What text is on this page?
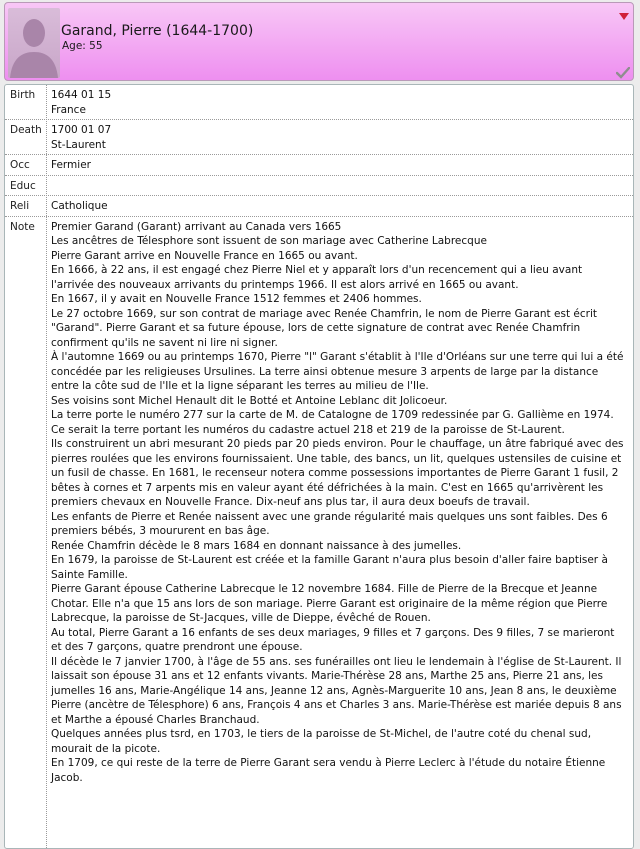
Garand, Pierre (1644-1700)
Age: 55
Birth	1644 01 15
France
Death 1700 01 07
St-Laurent
Occ	Fermier
Educ
Reli	Catholique
Note	Premier Garand (Garant) arrivant au Canada vers 1665
Les ancêtres de Télesphore sont issuent de son mariage avec Catherine Labrecque
Pierre Garant arrive en Nouvelle France en 1665 ou avant.
En 1666, à 22 ans, il est engagé chez Pierre Niel et y apparaît lors d'un recencement qui a lieu avant l'arrivée des nouveaux arrivants du printemps 1966. Il est alors arrivé en 1665 ou avant.
En 1667, il y avait en Nouvelle France 1512 femmes et 2406 hommes.
Le 27 octobre 1669, sur son contrat de mariage avec Renée Chamfrin, le nom de Pierre Garant est écrit "Garand". Pierre Garant et sa future épouse, lors de cette signature de contrat avec Renée Chamfrin confirment qu'ils ne savent ni lire ni signer.
À l'automne 1669 ou au printemps 1670, Pierre "l" Garant s'établit à l'Ile d'Orléans sur une terre qui lui a été concédée par les religieuses Ursulines. La terre ainsi obtenue mesure 3 arpents de large par la distance entre la côte sud de l'Ile et la ligne séparant les terres au milieu de l'Ile.
Ses voisins sont Michel Henault dit le Botté et Antoine Leblanc dit Jolicoeur.
La terre porte le numéro 277 sur la carte de M. de Catalogne de 1709 redessinée par G. Gallième en 1974.
Ce serait la terre portant les numéros du cadastre actuel 218 et 219 de la paroisse de St-Laurent.
Ils construirent un abri mesurant 20 pieds par 20 pieds environ. Pour le chauffage, un âtre fabriqué avec des pierres roulées que les environs fournissaient. Une table, des bancs, un lit, quelques ustensiles de cuisine et un fusil de chasse. En 1681, le recenseur notera comme possessions importantes de Pierre Garant 1 fusil, 2 bêtes à cornes et 7 arpents mis en valeur ayant été défrichées à la main. C'est en 1665 qu'arrivèrent les premiers chevaux en Nouvelle France. Dix-neuf ans plus tar, il aura deux boeufs de travail.
Les enfants de Pierre et Renée naissent avec une grande régularité mais quelques uns sont faibles. Des 6 premiers bébés, 3 moururent en bas âge.
Renée Chamfrin décède le 8 mars 1684 en donnant naissance à des jumelles.
En 1679, la paroisse de St-Laurent est créée et la famille Garant n'aura plus besoin d'aller faire baptiser à Sainte Famille.
Pierre Garant épouse Catherine Labrecque le 12 novembre 1684. Fille de Pierre de la Brecque et Jeanne Chotar. Elle n'a que 15 ans lors de son mariage. Pierre Garant est originaire de la même région que Pierre Labrecque, la paroisse de St-Jacques, ville de Dieppe, évêché de Rouen.
Au total, Pierre Garant a 16 enfants de ses deux mariages, 9 filles et 7 garçons. Des 9 filles, 7 se marieront et des 7 garçons, quatre prendront une épouse.
Il décède le 7 janvier 1700, à l'âge de 55 ans. ses funérailles ont lieu le lendemain à l'église de St-Laurent. Il laissait son épouse 31 ans et 12 enfants vivants. Marie-Thérèse 28 ans, Marthe 25 ans, Pierre 21 ans, les jumelles 16 ans, Marie-Angélique 14 ans, Jeanne 12 ans, Agnès-Marguerite 10 ans, Jean 8 ans, le deuxième Pierre (ancètre de Télesphore) 6 ans, François 4 ans et Charles 3 ans. Marie-Thérèse est mariée depuis 8 ans et Marthe a épousé Charles Branchaud.
Quelques années plus tsrd, en 1703, le tiers de la paroisse de St-Michel, de l'autre coté du chenal sud, mourait de la picote.
En 1709, ce qui reste de la terre de Pierre Garant sera vendu à Pierre Leclerc à l'étude du notaire Étienne Jacob.
